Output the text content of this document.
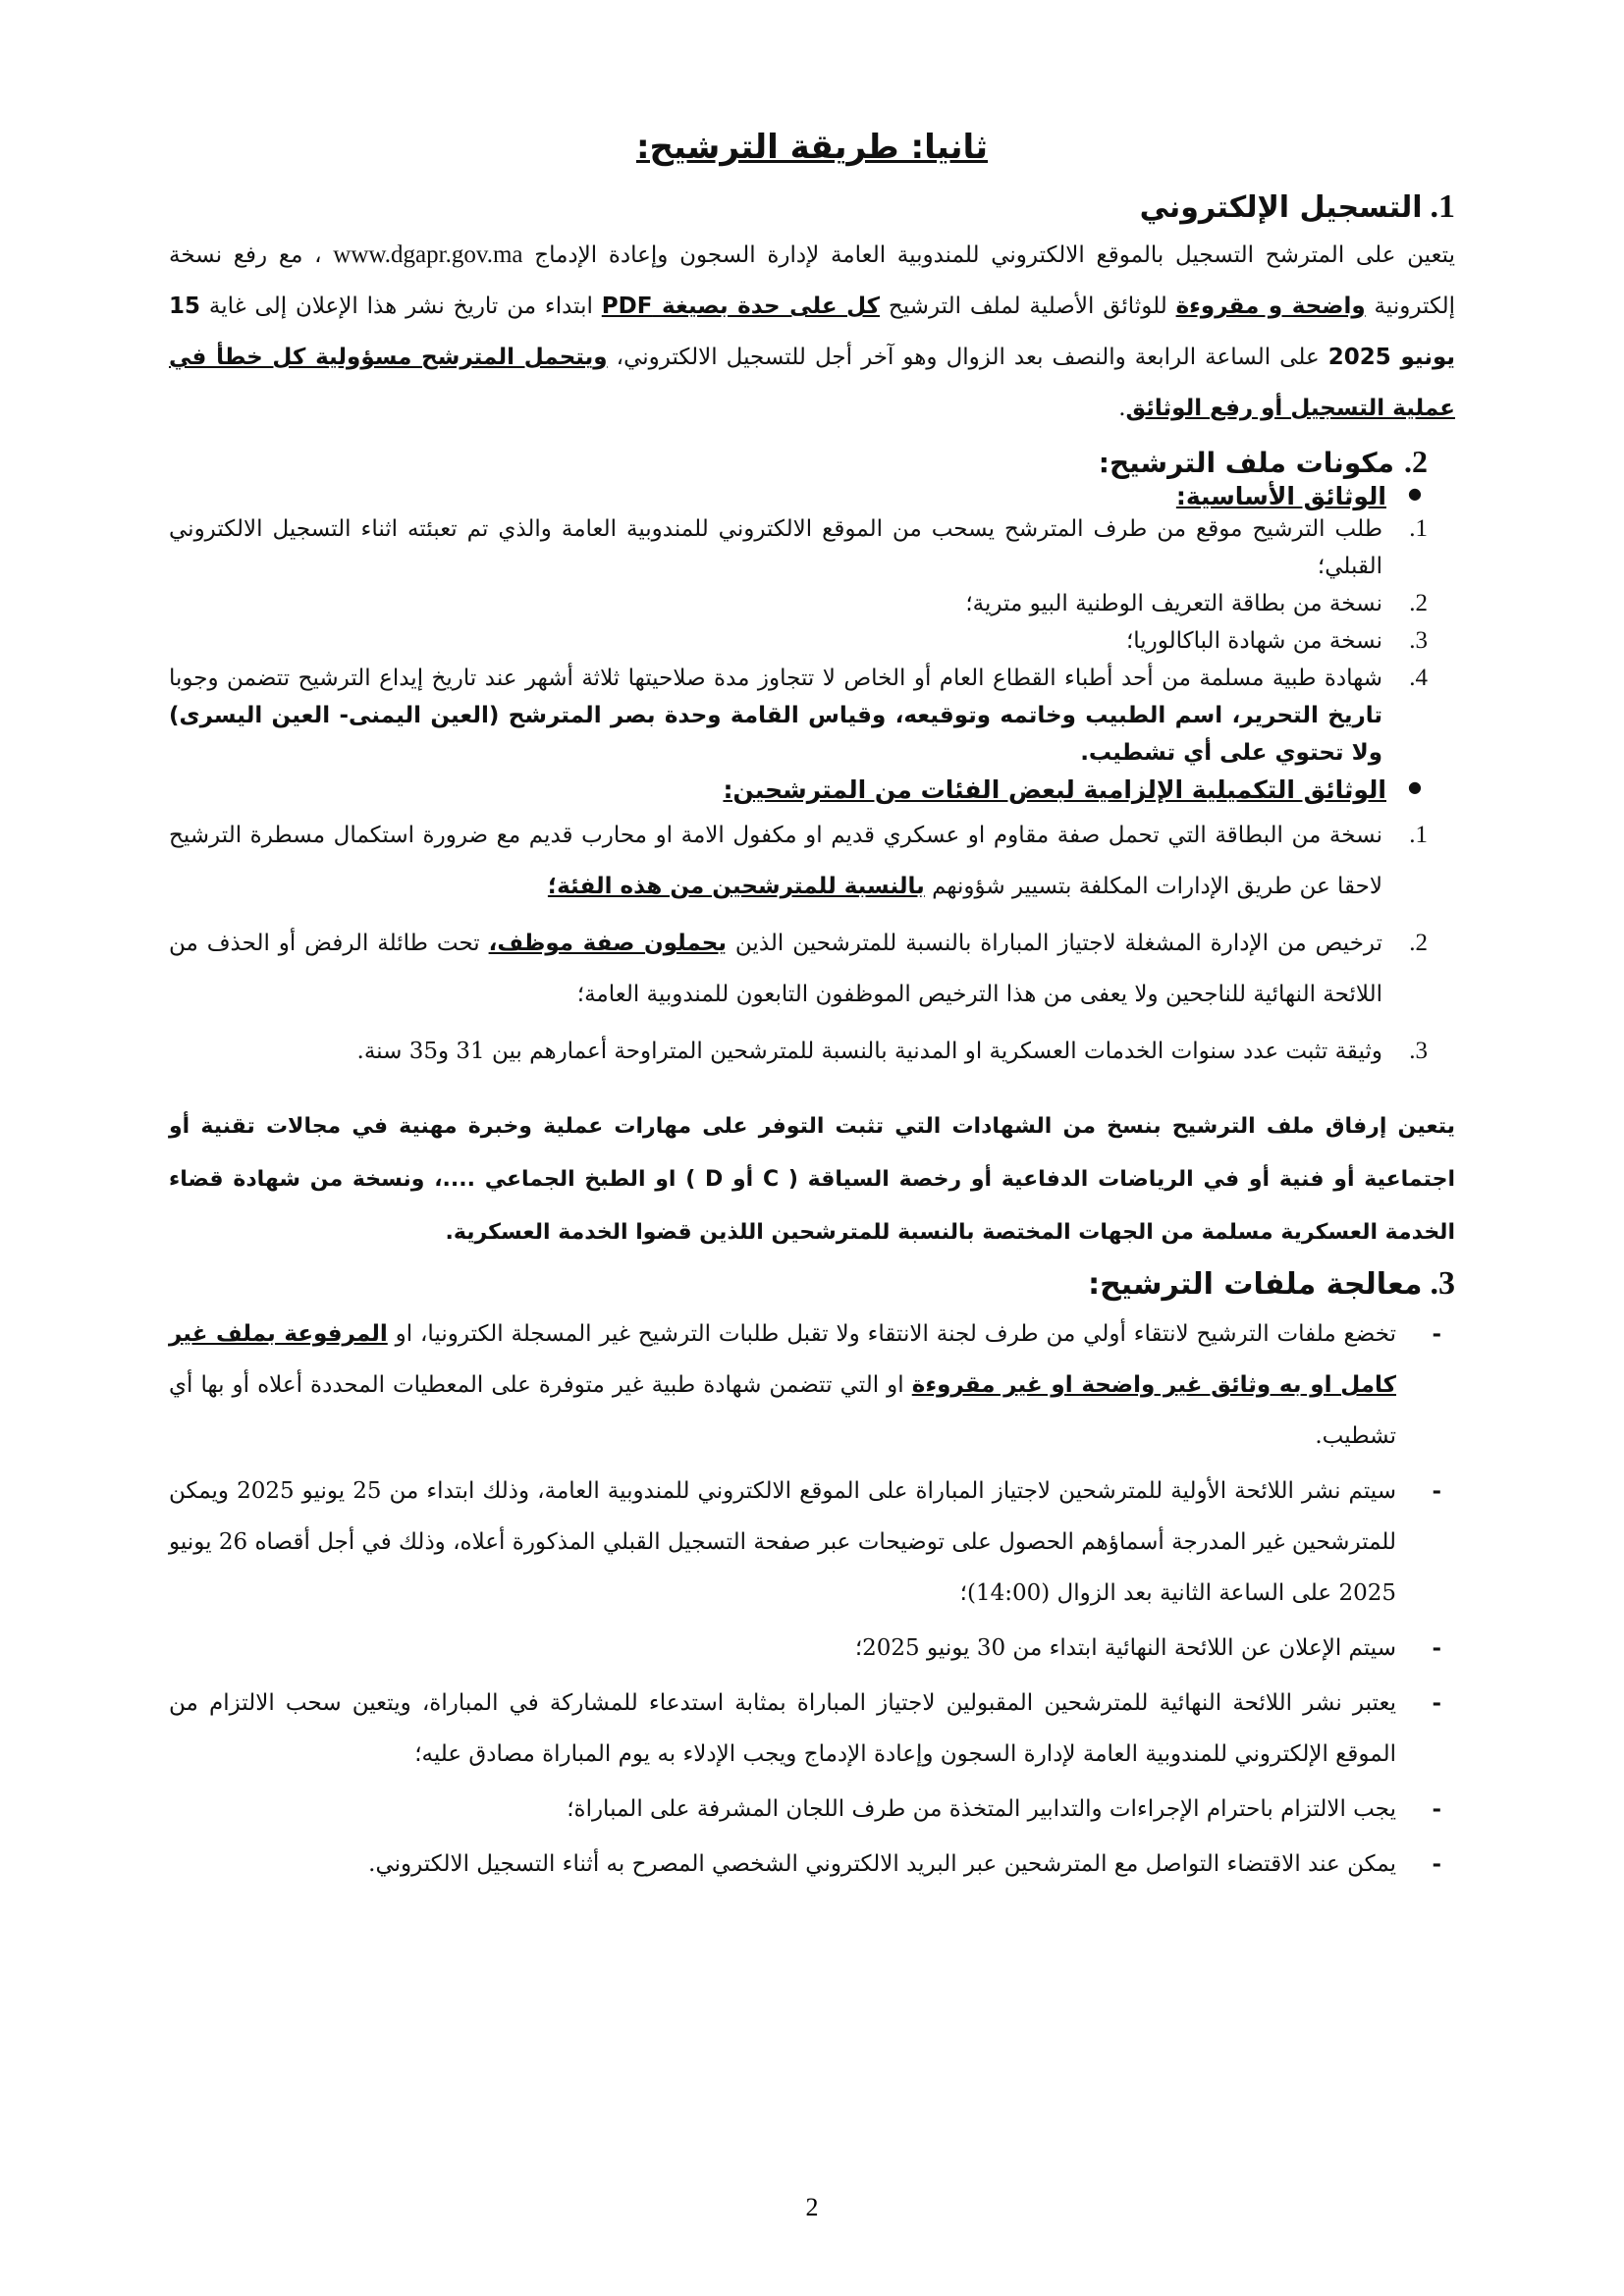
ثانيا: طريقة الترشيح:
1.التسجيل الإلكتروني

يتعين على المترشح التسجيل بالموقع الالكتروني للمندوبية العامة لإدارة السجون وإعادة الإدماج www.dgapr.gov.ma ، مع رفع نسخة إلكترونية واضحة و مقروءة للوثائق الأصلية لملف الترشيح كل على حدة بصيغة PDF ابتداء من تاريخ نشر هذا الإعلان إلى غاية 15 يونيو 2025 على الساعة الرابعة والنصف بعد الزوال وهو آخر أجل للتسجيل الالكتروني، ويتحمل المترشح مسؤولية كل خطأ في عملية التسجيل أو رفع الوثائق.

2.مكونات ملف الترشيح:
● الوثائق الأساسية:
1.
طلب الترشيح موقع من طرف المترشح يسحب من الموقع الالكتروني للمندوبية العامة والذي تم تعبئته اثناء التسجيل الالكتروني القبلي؛
2.
نسخة من بطاقة التعريف الوطنية البيو مترية؛
3.
نسخة من شهادة الباكالوريا؛
4.
شهادة طبية مسلمة من أحد أطباء القطاع العام أو الخاص لا تتجاوز مدة صلاحيتها ثلاثة أشهر عند تاريخ إيداع الترشيح تتضمن وجوبا تاريخ التحرير، اسم الطبيب وخاتمه وتوقيعه، وقياس القامة وحدة بصر المترشح (العين اليمنى- العين اليسرى) ولا تحتوي على أي تشطيب.
● الوثائق التكميلية الإلزامية لبعض الفئات من المترشحين:
1.
نسخة من البطاقة التي تحمل صفة مقاوم او عسكري قديم او مكفول الامة او محارب قديم مع ضرورة استكمال مسطرة الترشيح لاحقا عن طريق الإدارات المكلفة بتسيير شؤونهم بالنسبة للمترشحين من هذه الفئة؛
2.
ترخيص من الإدارة المشغلة لاجتياز المباراة بالنسبة للمترشحين الذين يحملون صفة موظف، تحت طائلة الرفض أو الحذف من اللائحة النهائية للناجحين ولا يعفى من هذا الترخيص الموظفون التابعون للمندوبية العامة؛
3.
وثيقة تثبت عدد سنوات الخدمات العسكرية او المدنية بالنسبة للمترشحين المتراوحة أعمارهم بين 31 و35 سنة.

يتعين إرفاق ملف الترشيح بنسخ من الشهادات التي تثبت التوفر على مهارات عملية وخبرة مهنية في مجالات تقنية أو اجتماعية أو فنية أو في الرياضات الدفاعية أو رخصة السياقة ( C أو D ) او الطبخ الجماعي ....، ونسخة من شهادة قضاء الخدمة العسكرية مسلمة من الجهات المختصة بالنسبة للمترشحين اللذين قضوا الخدمة العسكرية.

3.معالجة ملفات الترشيح:
- تخضع ملفات الترشيح لانتقاء أولي من طرف لجنة الانتقاء ولا تقبل طلبات الترشيح غير المسجلة الكترونيا، او المرفوعة بملف غير كامل او به وثائق غير واضحة او غير مقروءة او التي تتضمن شهادة طبية غير متوفرة على المعطيات المحددة أعلاه أو بها أي تشطيب.
- سيتم نشر اللائحة الأولية للمترشحين لاجتياز المباراة على الموقع الالكتروني للمندوبية العامة، وذلك ابتداء من 25 يونيو 2025 ويمكن للمترشحين غير المدرجة أسماؤهم الحصول على توضيحات عبر صفحة التسجيل القبلي المذكورة أعلاه، وذلك في أجل أقصاه 26 يونيو 2025 على الساعة الثانية بعد الزوال (14:00)؛
- سيتم الإعلان عن اللائحة النهائية ابتداء من 30 يونيو 2025؛
- يعتبر نشر اللائحة النهائية للمترشحين المقبولين لاجتياز المباراة بمثابة استدعاء للمشاركة في المباراة، ويتعين سحب الالتزام من الموقع الإلكتروني للمندوبية العامة لإدارة السجون وإعادة الإدماج ويجب الإدلاء به يوم المباراة مصادق عليه؛
- يجب الالتزام باحترام الإجراءات والتدابير المتخذة من طرف اللجان المشرفة على المباراة؛
- يمكن عند الاقتضاء التواصل مع المترشحين عبر البريد الالكتروني الشخصي المصرح به أثناء التسجيل الالكتروني.
2
